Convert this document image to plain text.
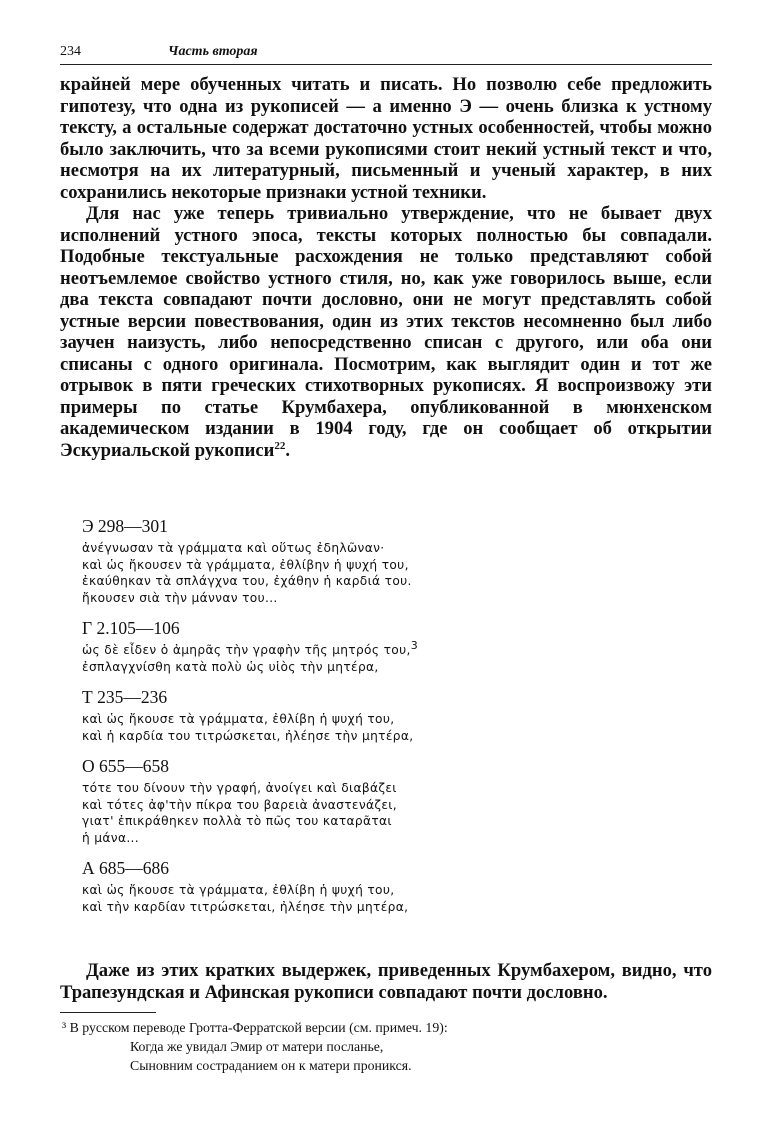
234	Часть вторая

крайней мере обученных читать и писать. Но позволю себе предложить гипотезу, что одна из рукописей — а именно Э — очень близка к устному тексту, а остальные содержат достаточно устных особенностей, чтобы можно было заключить, что за всеми рукописями стоит некий устный текст и что, несмотря на их литературный, письменный и ученый характер, в них сохранились некоторые признаки устной техники.

Для нас уже теперь тривиально утверждение, что не бывает двух исполнений устного эпоса, тексты которых полностью бы совпадали. Подобные текстуальные расхождения не только представляют собой неотъемлемое свойство устного стиля, но, как уже говорилось выше, если два текста совпадают почти дословно, они не могут представлять собой устные версии повествования, один из этих текстов несомненно был либо заучен наизусть, либо непосредственно списан с другого, или оба они списаны с одного оригинала. Посмотрим, как выглядит один и тот же отрывок в пяти греческих стихотворных рукописях. Я воспроизвожу эти примеры по статье Крумбахера, опубликованной в мюнхенском академическом издании в 1904 году, где он сообщает об открытии Эскуриальской рукописи$^{22}$.

Э 298—301
ἀνέγνωσαν τὰ γράμματα καὶ οὕτως ἐδηλῶναν·
καὶ ὡς ἤκουσεν τὰ γράμματα, ἐθλίβην ἡ ψυχή του,
ἐκαύθηκαν τὰ σπλάγχνα του, ἐχάθην ἡ καρδιά του.
ἤκουσεν σιὰ τὴν μάνναν του...
Г 2.105—106
ὡς δὲ εἶδεν ὁ ἀμηρᾶς τὴν γραφὴν τῆς μητρός του,$^3$
ἐσπλαγχνίσθη κατὰ πολὺ ὡς υἱὸς τὴν μητέρα,
Т 235—236
καὶ ὡς ἤκουσε τὰ γράμματα, ἐθλίβη ἡ ψυχή του,
καὶ ἡ καρδία του τιτρώσκεται, ἠλέησε τὴν μητέρα,
О 655—658
τότε του δίνουν τὴν γραφή, ἀνοίγει καὶ διαβάζει
καὶ τότες ἀφ'τὴν πίκρα του βαρειὰ ἀναστενάζει,
γιατ' ἐπικράθηκεν πολλὰ τὸ πῶς του καταρᾶται
ἡ μάνα...
А 685—686
καὶ ὡς ἤκουσε τὰ γράμματα, ἐθλίβη ἡ ψυχή του,
καὶ τὴν καρδίαν τιτρώσκεται, ἠλέησε τὴν μητέρα,

Даже из этих кратких выдержек, приведенных Крумбахером, видно, что Трапезундская и Афинская рукописи совпадают почти дословно.

³ В русском переводе Гротта-Ферратской версии (см. примеч. 19):
Когда же увидал Эмир от матери посланье,
Сыновним состраданием он к матери проникся.
